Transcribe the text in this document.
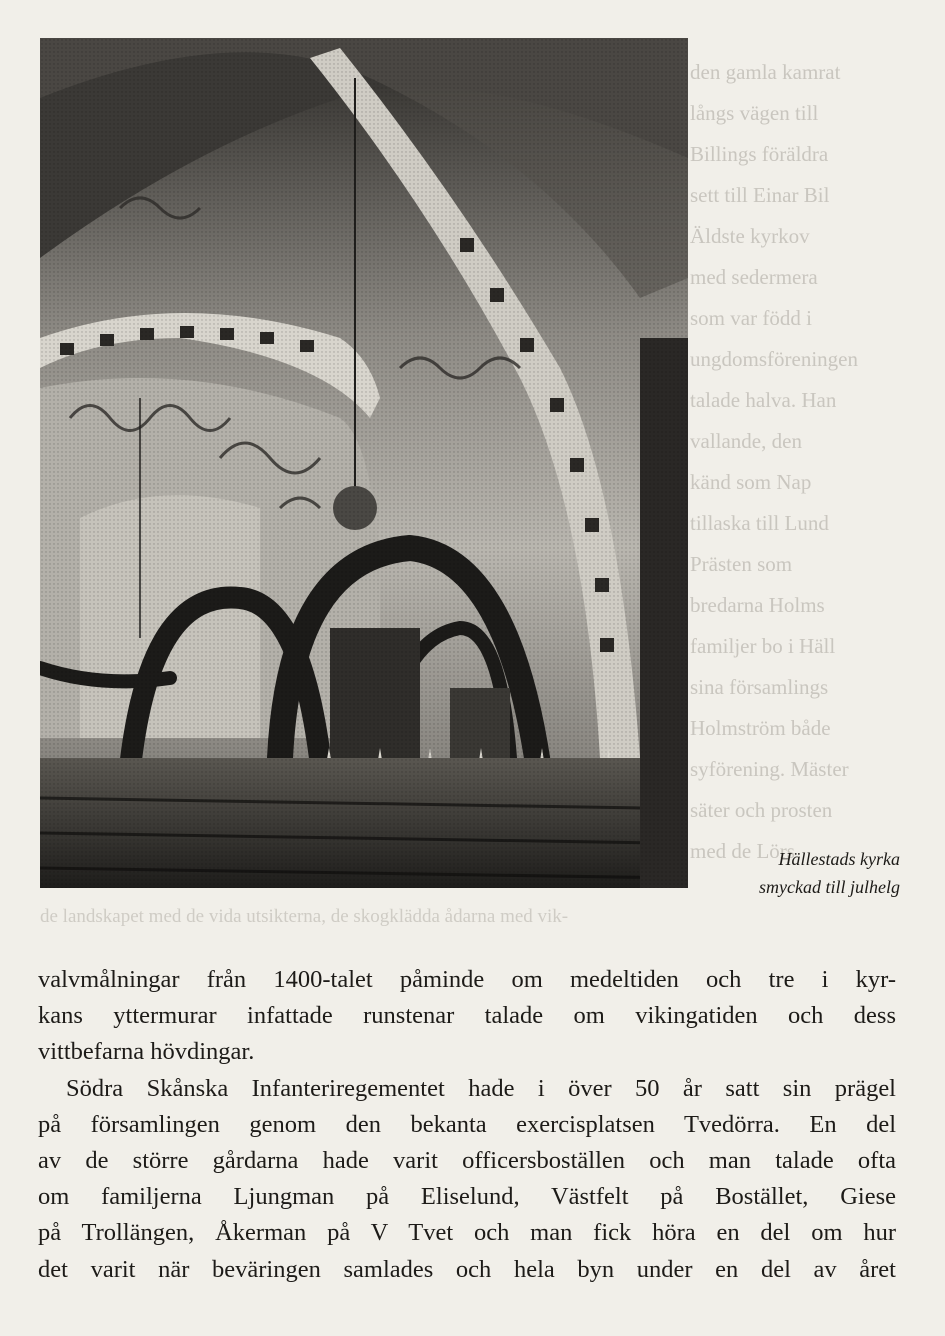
den gamla kamrat
långs vägen till
Billings föräldra
sett till Einar Bil
Äldste kyrkov
med sedermera
som var född i
ungdomsföreningen
talade halva. Han
vallande, den
känd som Nap
tillaska till Lund
Prästen som
bredarna Holms
familjer bo i Häll
sina församlings
Holmström både
syförening. Mäster
säter och prosten
med de Lörs
Hällestads kyrka
smyckad till julhelg
de landskapet med de vida utsikterna, de skogklädda ådarna med vik-
valvmålningar från 1400-talet påminde om medeltiden och tre i kyr-
kans yttermurar infattade runstenar talade om vikingatiden och dess
vittbefarna hövdingar.
Södra Skånska Infanteriregementet hade i över 50 år satt sin prägel
på församlingen genom den bekanta exercisplatsen Tvedörra. En del
av de större gårdarna hade varit officersboställen och man talade ofta
om familjerna Ljungman på Eliselund, Västfelt på Bostället, Giese
på Trollängen, Åkerman på V Tvet och man fick höra en del om hur
det varit när beväringen samlades och hela byn under en del av året
